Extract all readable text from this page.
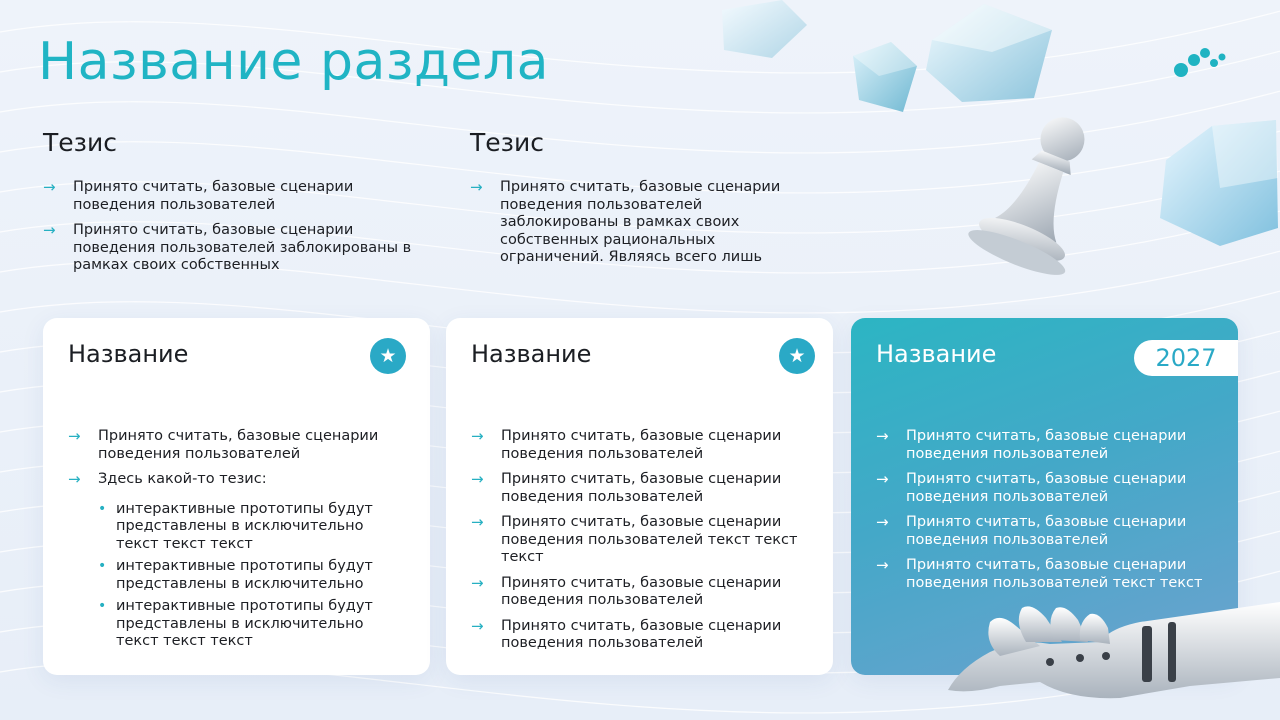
Название раздела
Тезис
→ Принято считать, базовые сценарии поведения пользователей
→ Принято считать, базовые сценарии поведения пользователей заблокированы в рамках своих собственных
Тезис
→ Принято считать, базовые сценарии поведения пользователей заблокированы в рамках своих собственных рациональных ограничений. Являясь всего лишь
Название	★
→ Принято считать, базовые сценарии поведения пользователей
→ Здесь какой-то тезис:
• интерактивные прототипы будут представлены в исключительно текст текст текст
• интерактивные прототипы будут представлены в исключительно
• интерактивные прототипы будут представлены в исключительно текст текст текст
Название	★
→ Принято считать, базовые сценарии поведения пользователей
→ Принято считать, базовые сценарии поведения пользователей
→ Принято считать, базовые сценарии поведения пользователей текст текст текст
→ Принято считать, базовые сценарии поведения пользователей
→ Принято считать, базовые сценарии поведения пользователей
Название	2027
→ Принято считать, базовые сценарии поведения пользователей
→ Принято считать, базовые сценарии поведения пользователей
→ Принято считать, базовые сценарии поведения пользователей
→ Принято считать, базовые сценарии поведения пользователей текст текст
